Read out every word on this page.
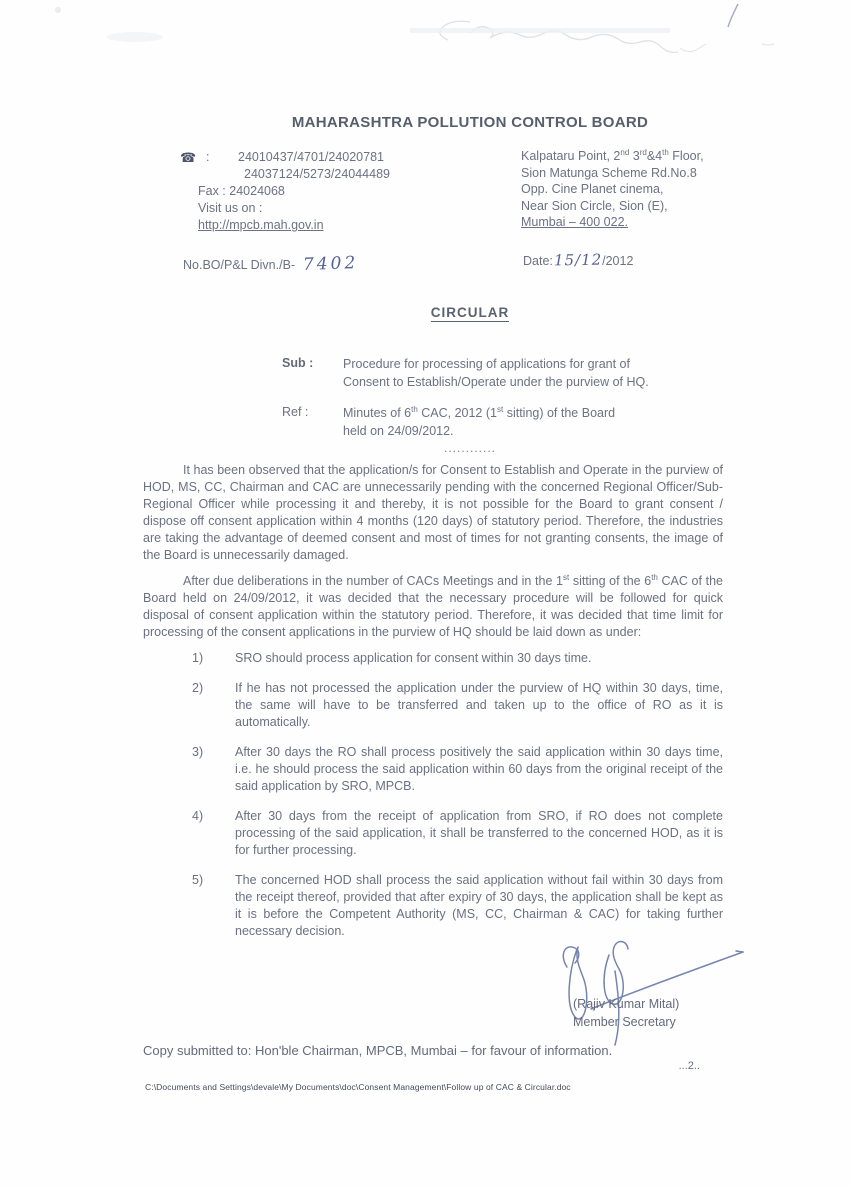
MAHARASHTRA POLLUTION CONTROL BOARD
☎ :	24010437/4701/24020781
24037124/5273/24044489
Fax : 24024068
Visit us on :
http://mpcb.mah.gov.in
Kalpataru Point, 2nd 3rd&4th Floor,
Sion Matunga Scheme Rd.No.8
Opp. Cine Planet cinema,
Near Sion Circle, Sion (E),
Mumbai – 400 022.
No.BO/P&L Divn./B- 7402	Date:15/12/2012
CIRCULAR
Sub : Procedure for processing of applications for grant of
Consent to Establish/Operate under the purview of HQ.
Ref :	Minutes of 6th CAC, 2012 (1st sitting) of the Board
held on 24/09/2012.
............

It has been observed that the application/s for Consent to Establish and Operate in the purview of HOD, MS, CC, Chairman and CAC are unnecessarily pending with the concerned Regional Officer/Sub-Regional Officer while processing it and thereby, it is not possible for the Board to grant consent / dispose off consent application within 4 months (120 days) of statutory period. Therefore, the industries are taking the advantage of deemed consent and most of times for not granting consents, the image of the Board is unnecessarily damaged.

After due deliberations in the number of CACs Meetings and in the 1st sitting of the 6th CAC of the Board held on 24/09/2012, it was decided that the necessary procedure will be followed for quick disposal of consent application within the statutory period. Therefore, it was decided that time limit for processing of the consent applications in the purview of HQ should be laid down as under:

1)	SRO should process application for consent within 30 days time.
2)	If he has not processed the application under the purview of HQ within 30 days, time, the same will have to be transferred and taken up to the office of RO as it is automatically.
3)	After 30 days the RO shall process positively the said application within 30 days time, i.e. he should process the said application within 60 days from the original receipt of the said application by SRO, MPCB.
4)	After 30 days from the receipt of application from SRO, if RO does not complete processing of the said application, it shall be transferred to the concerned HOD, as it is for further processing.
5)	The concerned HOD shall process the said application without fail within 30 days from the receipt thereof, provided that after expiry of 30 days, the application shall be kept as it is before the Competent Authority (MS, CC, Chairman & CAC) for taking further necessary decision.
(Rajiv Kumar Mital)
Member Secretary
Copy submitted to: Hon'ble Chairman, MPCB, Mumbai – for favour of information.
...2..
C:\Documents and Settings\devale\My Documents\doc\Consent Management\Follow up of CAC & Circular.doc
